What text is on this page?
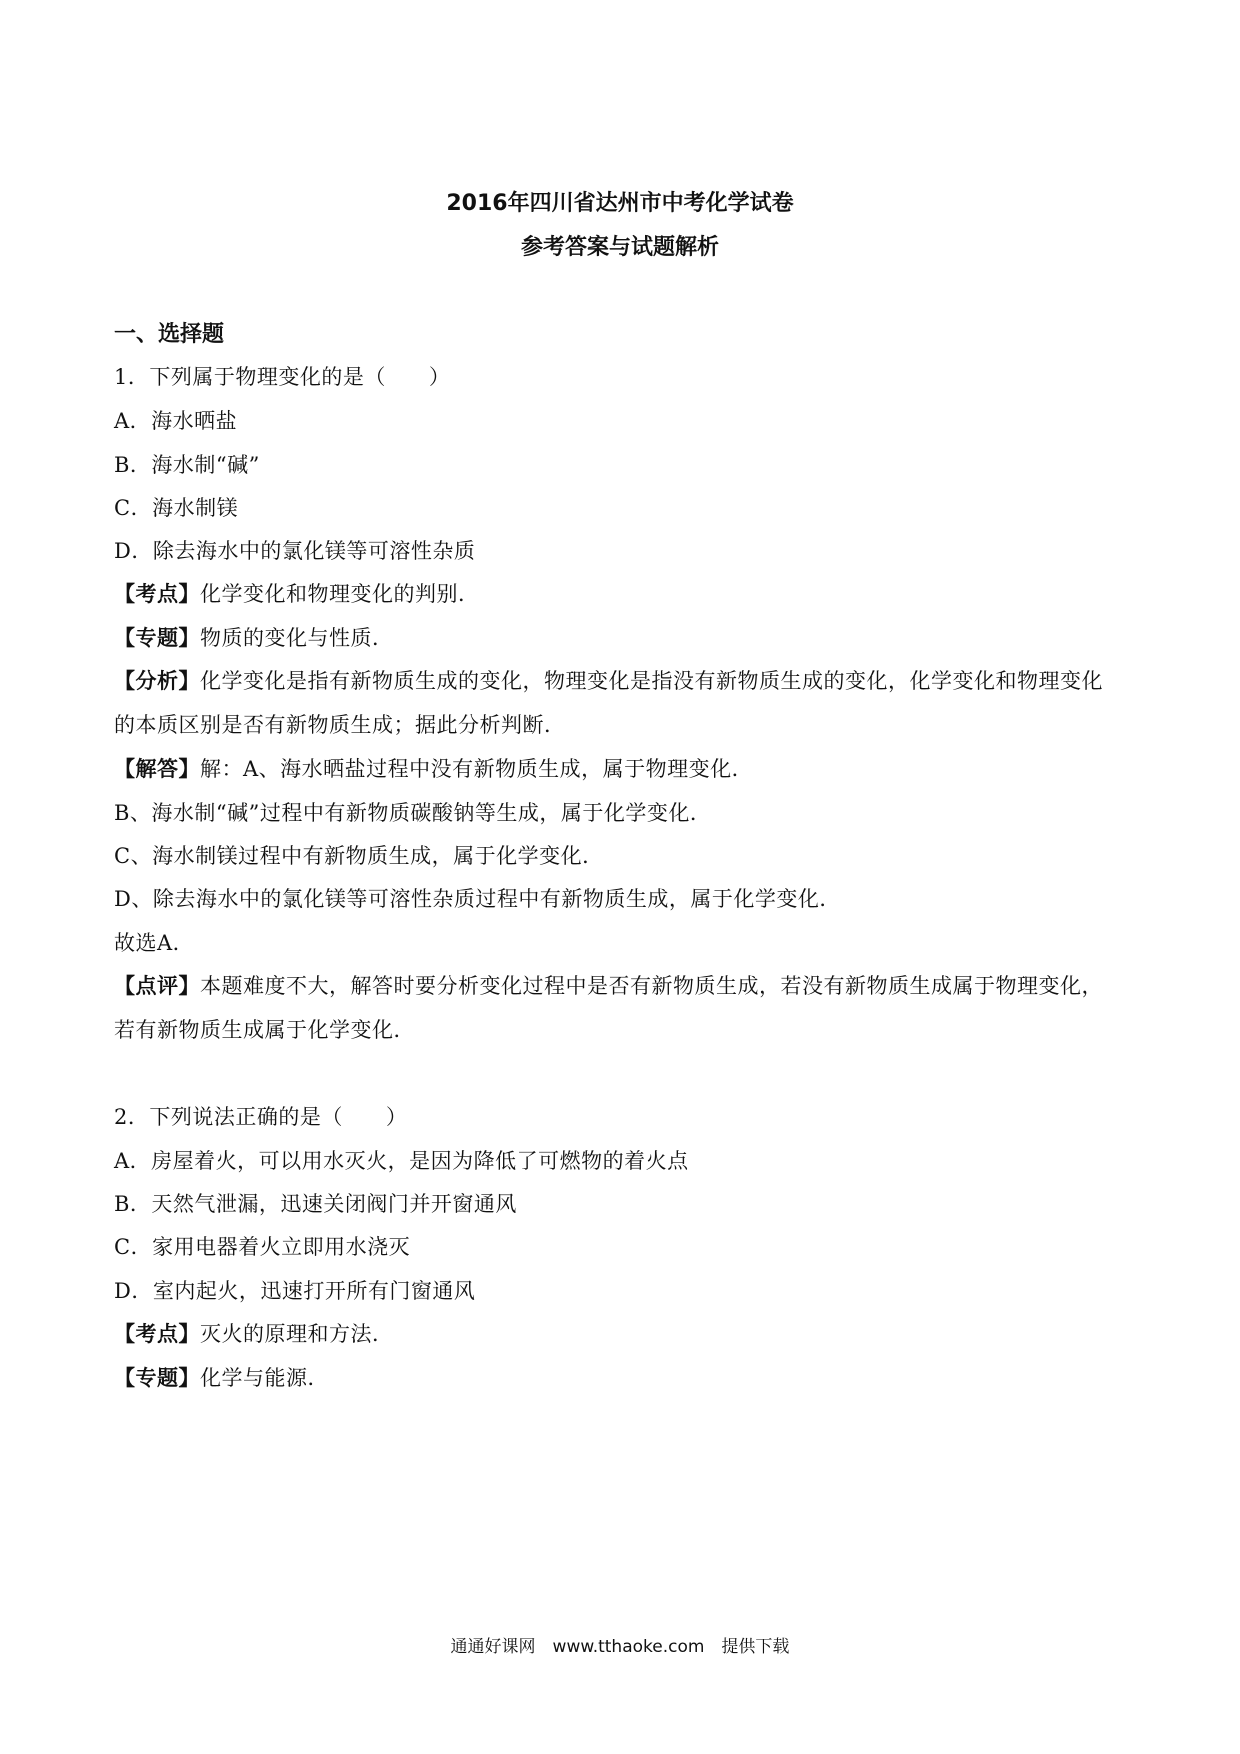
2016年四川省达州市中考化学试卷
参考答案与试题解析
一、选择题
1．下列属于物理变化的是（　　）
A．海水晒盐
B．海水制“碱”
C．海水制镁
D．除去海水中的氯化镁等可溶性杂质
【考点】化学变化和物理变化的判别．
【专题】物质的变化与性质．
【分析】化学变化是指有新物质生成的变化，物理变化是指没有新物质生成的变化，化学变化和物理变化
的本质区别是否有新物质生成；据此分析判断．
【解答】解：A、海水晒盐过程中没有新物质生成，属于物理变化．
B、海水制“碱”过程中有新物质碳酸钠等生成，属于化学变化．
C、海水制镁过程中有新物质生成，属于化学变化．
D、除去海水中的氯化镁等可溶性杂质过程中有新物质生成，属于化学变化．
故选A．
【点评】本题难度不大，解答时要分析变化过程中是否有新物质生成，若没有新物质生成属于物理变化，
若有新物质生成属于化学变化．
2．下列说法正确的是（　　）
A．房屋着火，可以用水灭火，是因为降低了可燃物的着火点
B．天然气泄漏，迅速关闭阀门并开窗通风
C．家用电器着火立即用水浇灭
D．室内起火，迅速打开所有门窗通风
【考点】灭火的原理和方法．
【专题】化学与能源．
通通好课网　www.tthaoke.com　提供下载
